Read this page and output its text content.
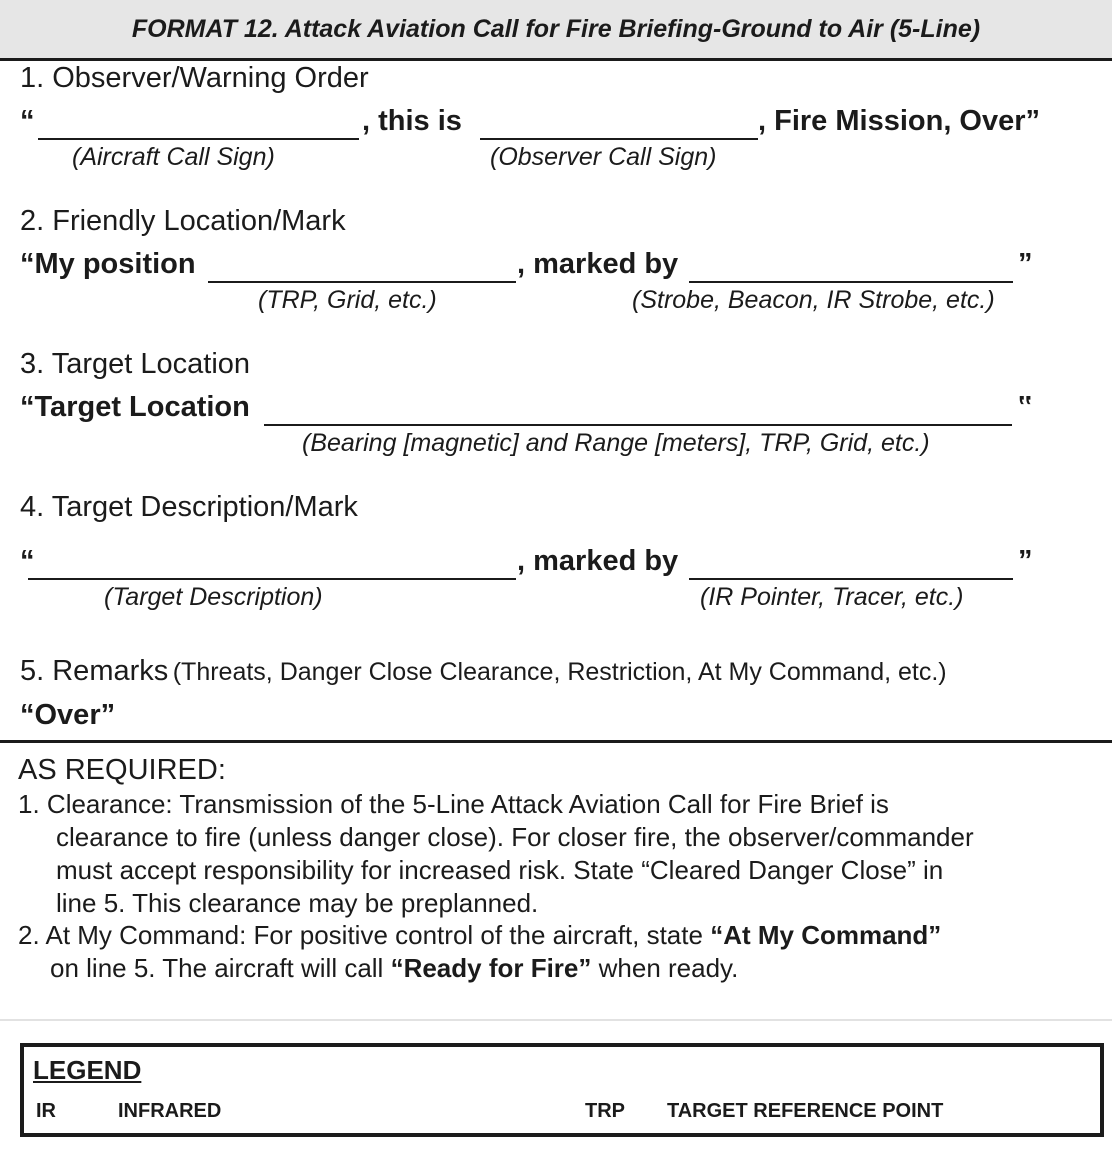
FORMAT 12. Attack Aviation Call for Fire Briefing-Ground to Air (5-Line)
1. Observer/Warning Order
“	, this is	, Fire Mission, Over”
(Aircraft Call Sign)	(Observer Call Sign)
2. Friendly Location/Mark
“My position	, marked by	”
(TRP, Grid, etc.)	(Strobe, Beacon, IR Strobe, etc.)
3. Target Location
“Target Location	‟
(Bearing [magnetic] and Range [meters], TRP, Grid, etc.)
4. Target Description/Mark
“	, marked by	”
(Target Description)	(IR Pointer, Tracer, etc.)
5. Remarks (Threats, Danger Close Clearance, Restriction, At My Command, etc.)
“Over”
AS REQUIRED:
1. Clearance: Transmission of the 5-Line Attack Aviation Call for Fire Brief is
clearance to fire (unless danger close). For closer fire, the observer/commander
must accept responsibility for increased risk. State “Cleared Danger Close” in
line 5. This clearance may be preplanned.
2. At My Command: For positive control of the aircraft, state “At My Command”
on line 5. The aircraft will call “Ready for Fire” when ready.
LEGEND
IR	INFRARED	TRP TARGET REFERENCE POINT
